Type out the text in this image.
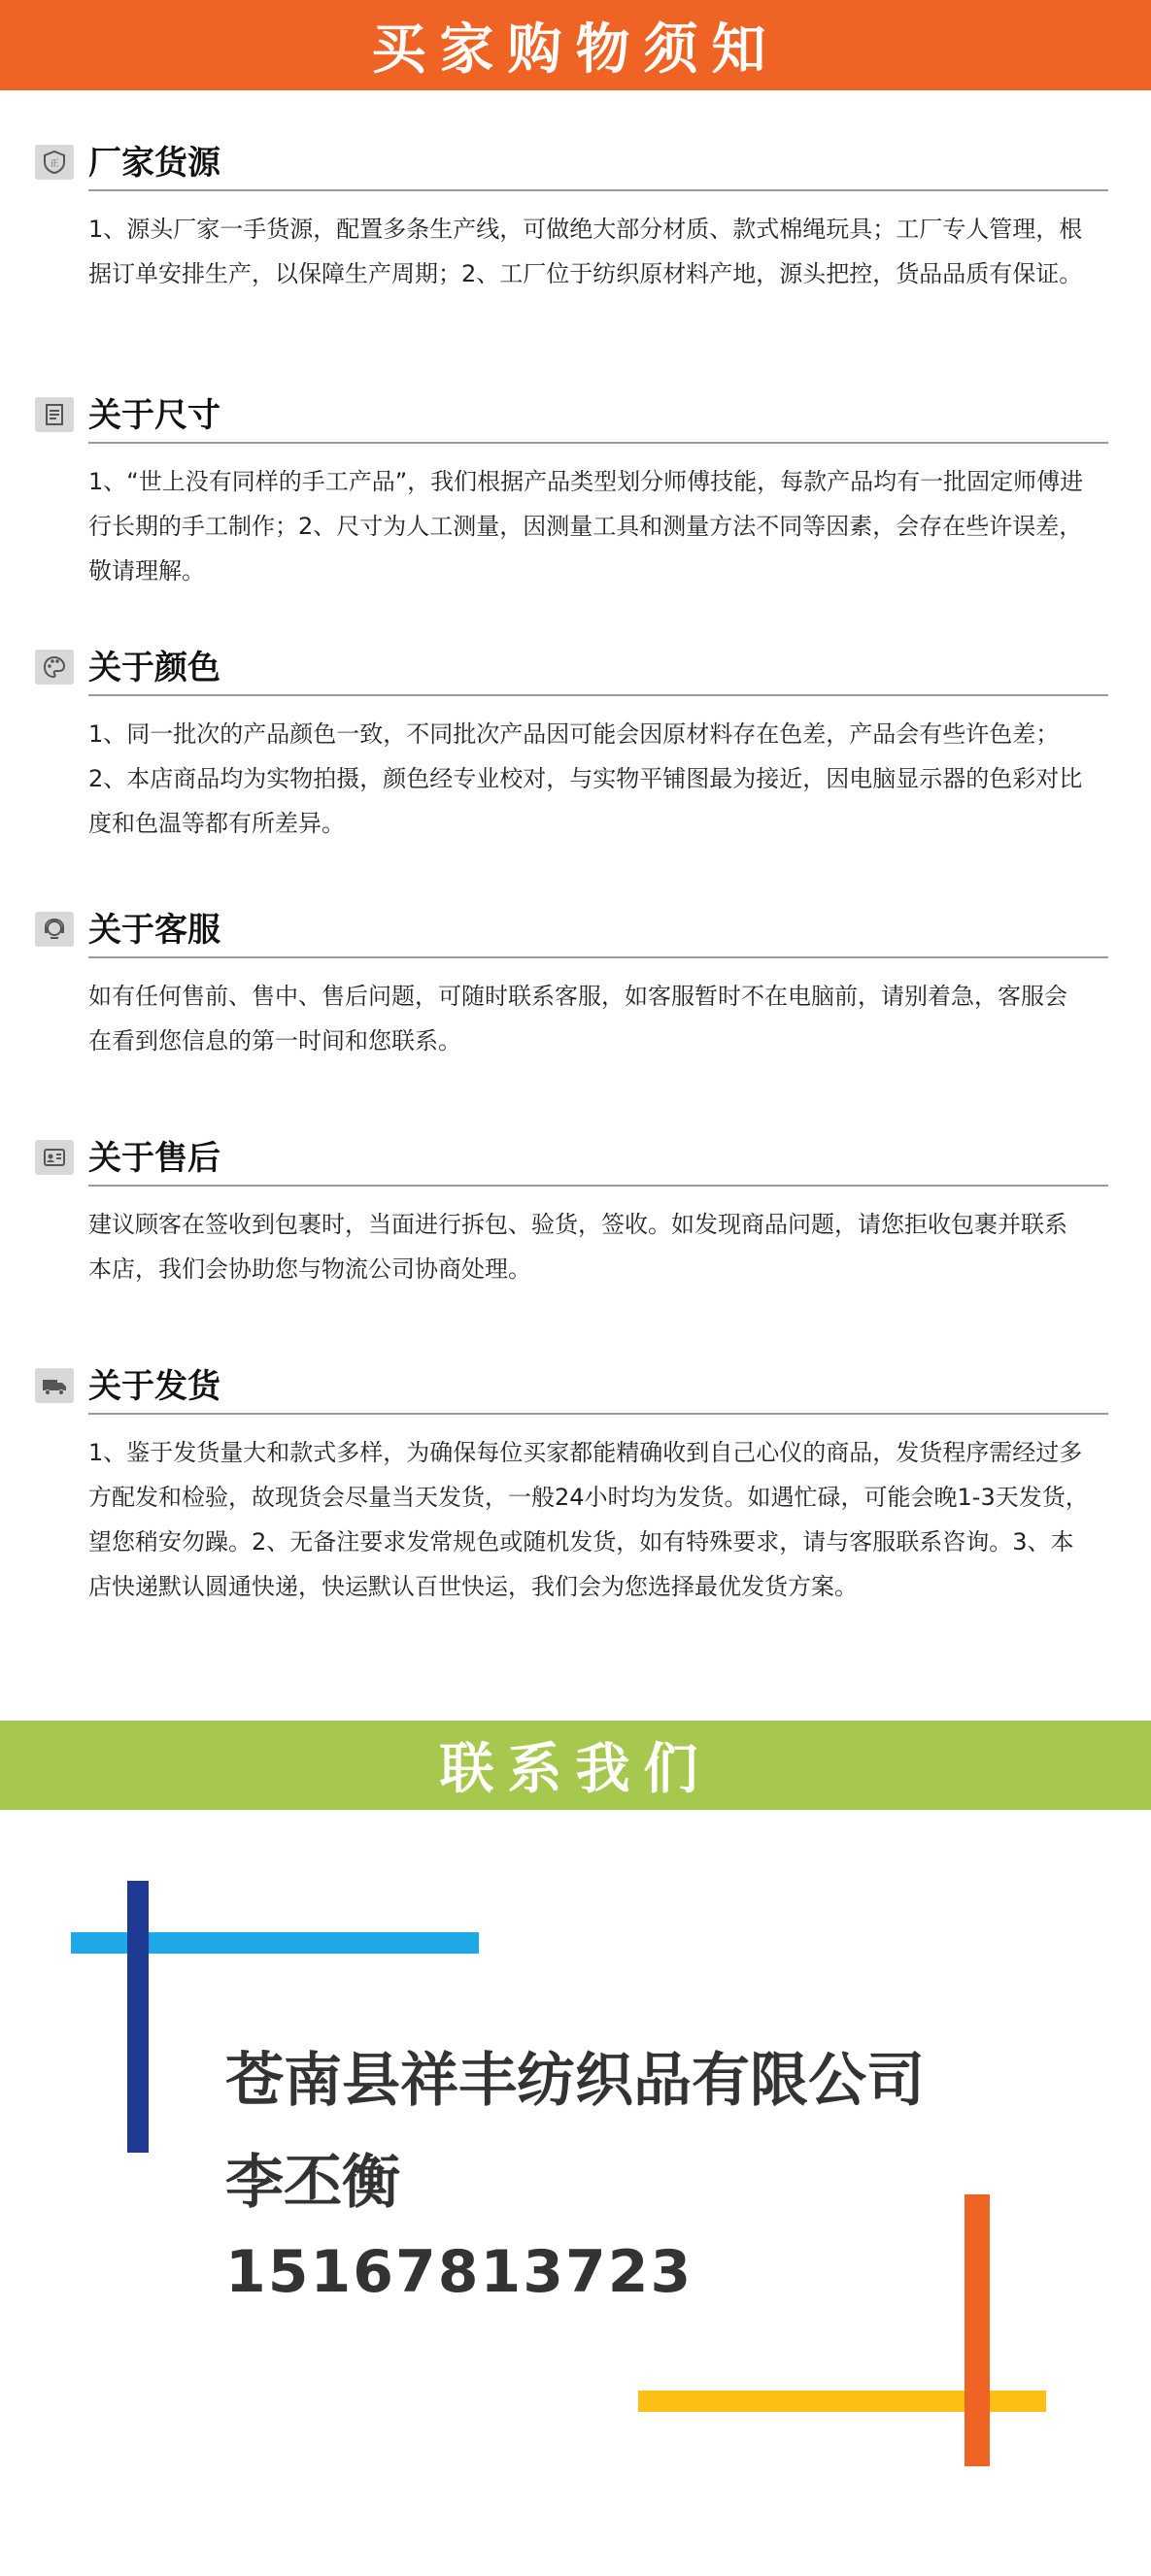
买家购物须知
正 厂家货源
1、源头厂家一手货源，配置多条生产线，可做绝大部分材质、款式棉绳玩具；工厂专人管理，根据订单安排生产，以保障生产周期；2、工厂位于纺织原材料产地，源头把控，货品品质有保证。
关于尺寸
1、“世上没有同样的手工产品”，我们根据产品类型划分师傅技能，每款产品均有一批固定师傅进行长期的手工制作；2、尺寸为人工测量，因测量工具和测量方法不同等因素，会存在些许误差，敬请理解。
关于颜色
1、同一批次的产品颜色一致，不同批次产品因可能会因原材料存在色差，产品会有些许色差；2、本店商品均为实物拍摄，颜色经专业校对，与实物平铺图最为接近，因电脑显示器的色彩对比度和色温等都有所差异。
关于客服
如有任何售前、售中、售后问题，可随时联系客服，如客服暂时不在电脑前，请别着急，客服会在看到您信息的第一时间和您联系。
关于售后
建议顾客在签收到包裹时，当面进行拆包、验货，签收。如发现商品问题，请您拒收包裹并联系本店，我们会协助您与物流公司协商处理。
关于发货
1、鉴于发货量大和款式多样，为确保每位买家都能精确收到自己心仪的商品，发货程序需经过多方配发和检验，故现货会尽量当天发货，一般24小时均为发货。如遇忙碌，可能会晚1-3天发货，望您稍安勿躁。2、无备注要求发常规色或随机发货，如有特殊要求，请与客服联系咨询。3、本店快递默认圆通快递，快运默认百世快运，我们会为您选择最优发货方案。
联系我们
苍南县祥丰纺织品有限公司
李丕衡
15167813723
